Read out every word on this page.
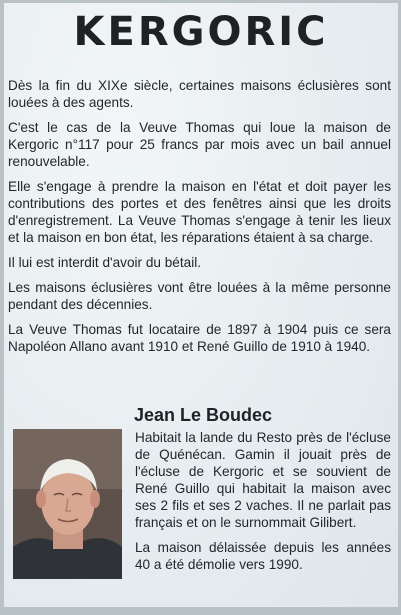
KERGORIC

Dès la fin du XIXe siècle, certaines maisons éclusières sont louées à des agents.

C'est le cas de la Veuve Thomas qui loue la maison de Kergoric n°117 pour 25 francs par mois avec un bail annuel renouvelable.

Elle s'engage à prendre la maison en l'état et doit payer les contributions des portes et des fenêtres ainsi que les droits d'enregistrement. La Veuve Thomas s'engage à tenir les lieux et la maison en bon état, les réparations étaient à sa charge.

Il lui est interdit d'avoir du bétail.

Les maisons éclusières vont être louées à la même personne pendant des décennies.

La Veuve Thomas fut locataire de 1897 à 1904 puis ce sera Napoléon Allano avant 1910 et René Guillo de 1910 à 1940.

Jean Le Boudec

Habitait la lande du Resto près de l'écluse de Quénécan. Gamin il jouait près de l'écluse de Kergoric et se souvient de René Guillo qui habitait la maison avec ses 2 fils et ses 2 vaches. Il ne parlait pas français et on le surnommait Gilibert.

La maison délaissée depuis les années 40 a été démolie vers 1990.
